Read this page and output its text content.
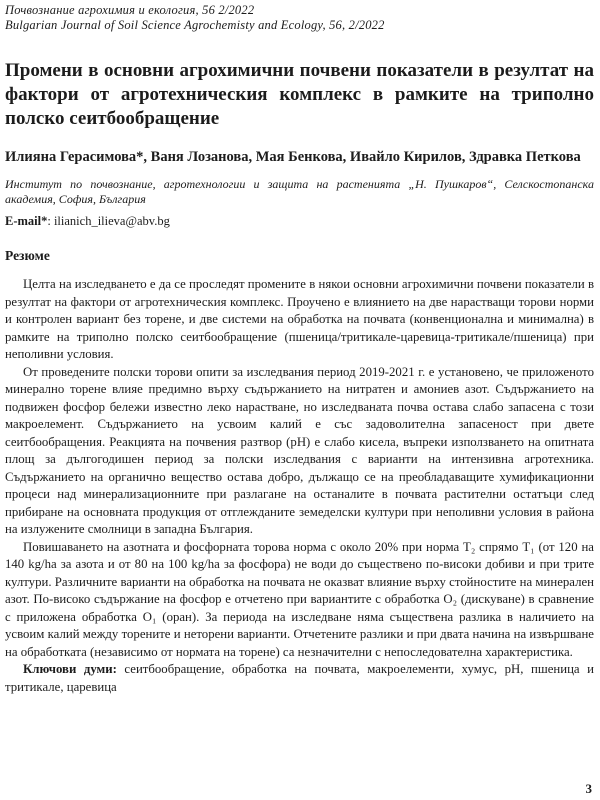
Почвознание агрохимия и екология, 56 2/2022
Bulgarian Journal of Soil Science Agrochemisty and Ecology, 56, 2/2022
Промени в основни агрохимични почвени показатели в резултат на фактори от агротехническия комплекс в рамките на триполно полско сеитбообращение
Илияна Герасимова*, Ваня Лозанова, Мая Бенкова, Ивайло Кирилов, Здравка Петкова
Институт по почвознание, агротехнологии и защита на растенията „Н. Пушкаров“, Селскостопанска академия, София, България
E-mail*: ilianich_ilieva@abv.bg
Резюме

Целта на изследването е да се проследят промените в някои основни агрохимични почвени показатели в резултат на фактори от агротехническия комплекс. Проучено е влиянието на две нарастващи торови норми и контролен вариант без торене, и две системи на обработка на почвата (конвенционална и минимална) в рамките на триполно полско сеитбообращение (пшеница/тритикале-царевица-тритикале/пшеница) при неполивни условия.

От проведените полски торови опити за изследвания период 2019-2021 г. е установено, че приложеното минерално торене влияе предимно върху съдържанието на нитратен и амониев азот. Съдържанието на подвижен фосфор бележи известно леко нарастване, но изследваната почва остава слабо запасена с този макроелемент. Съдържанието на усвоим калий е със задоволителна запасеност при двете сеитбообращения. Реакцията на почвения разтвор (pH) е слабо кисела, въпреки използването на опитната площ за дългогодишен период за полски изследвания с варианти на интензивна агротехника. Съдържанието на органично вещество остава добро, дължащо се на преобладаващите хумификационни процеси над минерализационните при разлагане на останалите в почвата растителни остатъци след прибиране на основната продукция от отглежданите земеделски култури при неполивни условия в района на излужените смолници в западна България.

Повишаването на азотната и фосфорната торова норма с около 20% при норма Т₂ спрямо Т₁ (от 120 на 140 kg/ha за азота и от 80 на 100 kg/ha за фосфора) не води до съществено по-високи добиви и при трите култури. Различните варианти на обработка на почвата не оказват влияние върху стойностите на минерален азот. По-високо съдържание на фосфор е отчетено при вариантите с обработка О₂ (дискуване) в сравнение с приложена обработка О₁ (оран). За периода на изследване няма съществена разлика в наличието на усвоим калий между торените и неторени варианти. Отчетените разлики и при двата начина на извършване на обработката (независимо от нормата на торене) са незначителни с непоследователна характеристика.

Ключови думи: сеитбообращение, обработка на почвата, макроелементи, хумус, pH, пшеница и тритикале, царевица

3
